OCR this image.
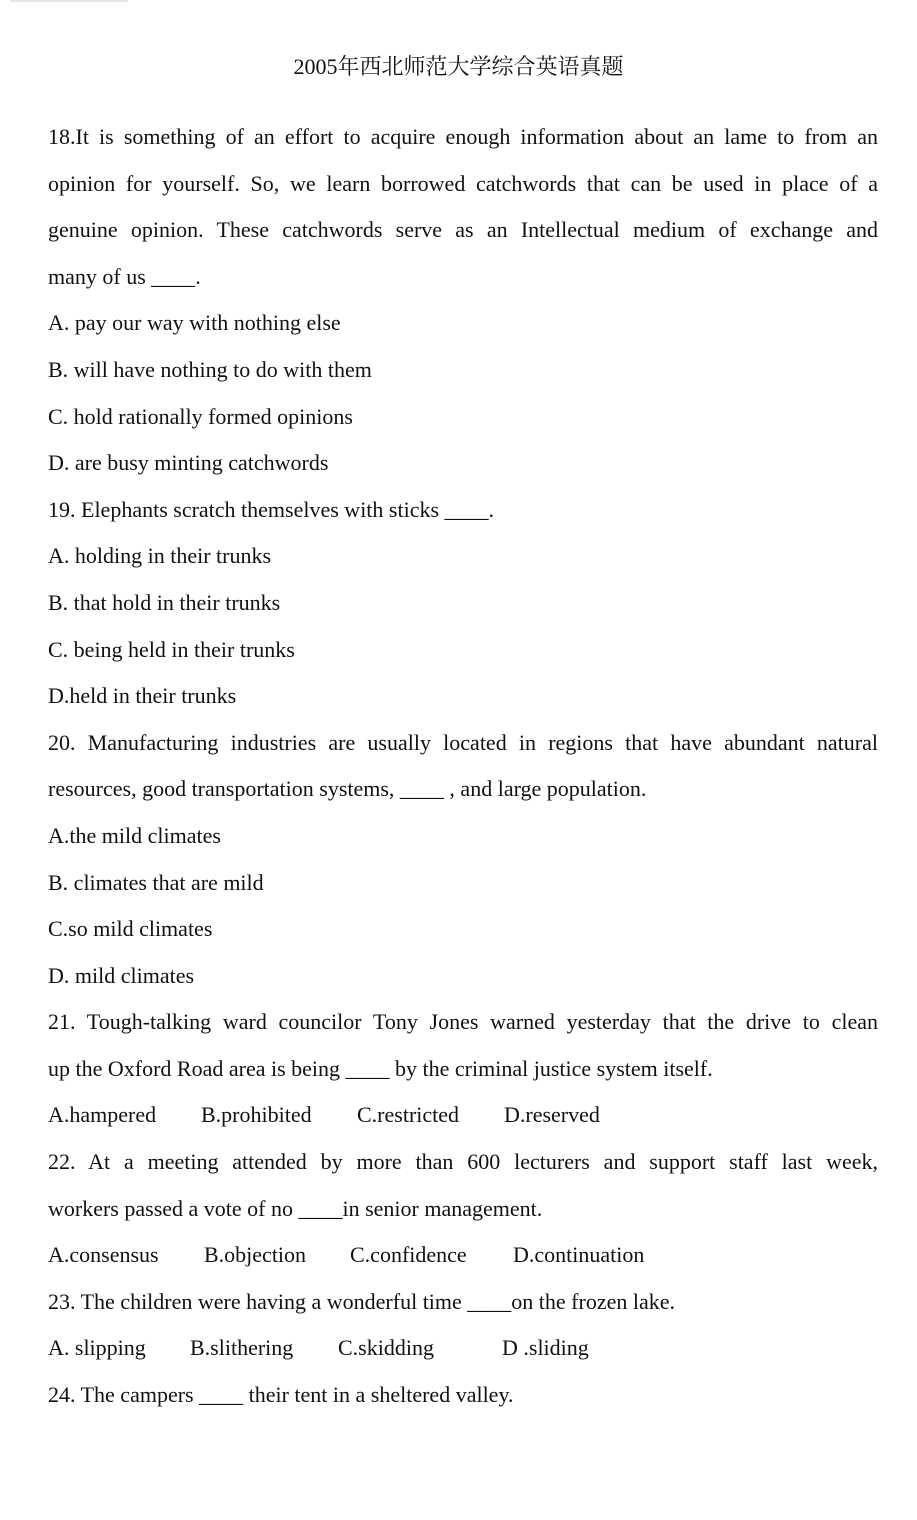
2005年西北师范大学综合英语真题
18.It is something of an effort to acquire enough information about an lame to from an
opinion for yourself. So, we learn borrowed catchwords that can be used in place of a
genuine opinion. These catchwords serve as an Intellectual medium of exchange and
many of us ____.
A. pay our way with nothing else
B. will have nothing to do with them
C. hold rationally formed opinions
D. are busy minting catchwords
19. Elephants scratch themselves with sticks ____.
A. holding in their trunks
B. that hold in their trunks
C. being held in their trunks
D.held in their trunks
20. Manufacturing industries are usually located in regions that have abundant natural
resources, good transportation systems, ____ , and large population.
A.the mild climates
B. climates that are mild
C.so mild climates
D. mild climates
21. Tough-talking ward councilor Tony Jones warned yesterday that the drive to clean
up the Oxford Road area is being ____ by the criminal justice system itself.
A.hampered	B.prohibited	C.restricted	D.reserved
22. At a meeting attended by more than 600 lecturers and support staff last week,
workers passed a vote of no ____in senior management.
A.consensus	B.objection	C.confidence	D.continuation
23. The children were having a wonderful time ____on the frozen lake.
A. slipping	B.slithering	C.skidding	D .sliding
24. The campers ____ their tent in a sheltered valley.
